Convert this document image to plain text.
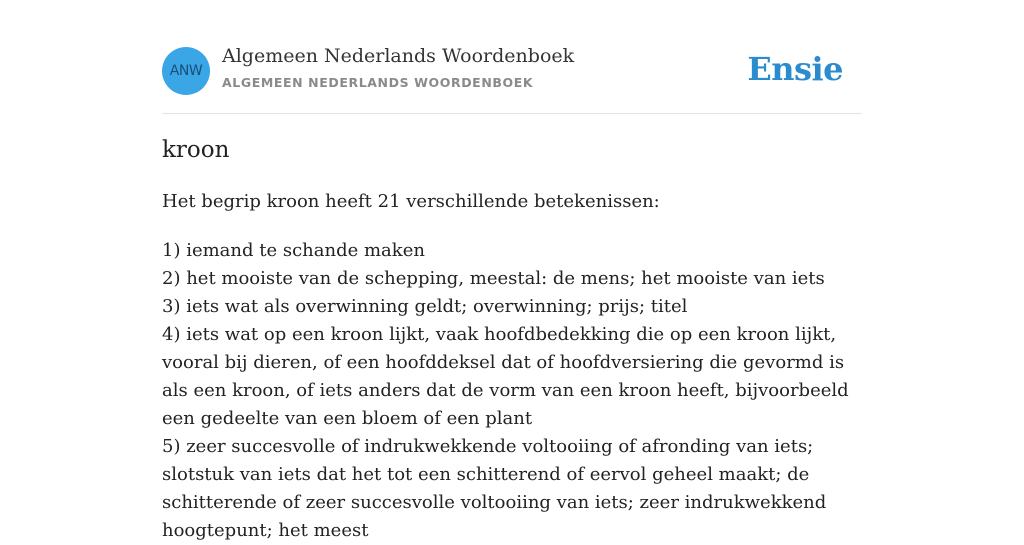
ANW
Algemeen Nederlands Woordenboek
ALGEMEEN NEDERLANDS WOORDENBOEK	Ensie
kroon

Het begrip kroon heeft 21 verschillende betekenissen:

1) iemand te schande maken
2) het mooiste van de schepping, meestal: de mens; het mooiste van iets
3) iets wat als overwinning geldt; overwinning; prijs; titel
4) iets wat op een kroon lijkt, vaak hoofdbedekking die op een kroon lijkt, vooral bij dieren, of een hoofddeksel dat of hoofdversiering die gevormd is als een kroon, of iets anders dat de vorm van een kroon heeft, bijvoorbeeld een gedeelte van een bloem of een plant
5) zeer succesvolle of indrukwekkende voltooiing of afronding van iets; slotstuk van iets dat het tot een schitterend of eervol geheel maakt; de schitterende of zeer succesvolle voltooiing van iets; zeer indrukwekkend hoogtepunt; het meest
